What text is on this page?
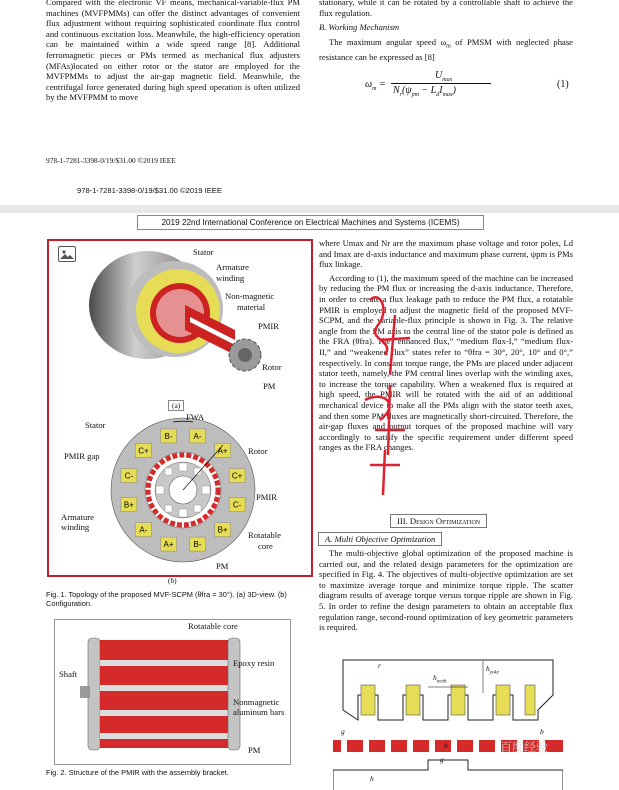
Compared with the electronic VF means, mechanical-variable-flux PM machines (MVFPMMs) can offer the distinct advantages of convenient flux adjustment without requiring sophisticated coordinate flux control and continuous excitation loss. Meanwhile, the high-efficiency operation can be maintained within a wide speed range [8]. Additional ferromagnetic pieces or PMs termed as mechanical flux adjusters (MFAs)located on either rotor or the stator are employed for the MVFPMMs to adjust the air-gap magnetic field. Meanwhile, the centrifugal force generated during high speed operation is often utilized by the MVFPMM to move

stationary, while it can be rotated by a controllable shaft to achieve the flux regulation.

B. Working Mechanism

The maximum angular speed $\omega_m$ of PMSM with neglected phase resistance can be expressed as [8]

$\omega_m$ =
$U_{max}$
$N_r(\psi_{pm} - L_dI_{max})$
(1)
978-1-7281-3398-0/19/$31.00 ©2019 IEEE
978-1-7281-3398-0/19/$31.00 ©2019 IEEE
2019 22nd International Conference on Electrical Machines and Systems (ICEMS)

where Umax and Nr are the maximum phase voltage and rotor poles, Ld and Imax are d-axis inductance and maximum phase current, ψpm is PMs flux linkage.

According to (1), the maximum speed of the machine can be increased by reducing the PM flux or increasing the d-axis inductance. Therefore, in order to create a flux leakage path to reduce the PM flux, a rotatable PMIR is employed to adjust the magnetic field of the proposed MVF-SCPM, and the variable-flux principle is shown in Fig. 3. The relative angle from the PM axis to the central line of the stator pole is defined as the FRA (θfra). The “enhanced flux,” “medium flux-I,” “medium flux-II,” and “weakened flux” states refer to “θfra = 30°, 20°, 10° and 0°,” respectively. In constant torque range, the PMs are placed under adjacent stator teeth, namely, the PM central lines overlap with the winding axes, to increase the torque capability. When a weakened flux is required at high speed, the PMIR will be rotated with the aid of an additional mechanical device to make all the PMs align with the stator teeth axes, and then some PM fluxes are magnetically short-circuited. Therefore, the air-gap fluxes and output torques of the proposed machine will vary accordingly to satisfy the specific requirement under different speed ranges as the FRA changes.

III. Design Optimization
A. Multi Objective Optimization

The multi-objective global optimization of the proposed machine is carried out, and the related design parameters for the optimization are specified in Fig. 4. The objectives of multi-objective optimization are set to maximize average torque and minimize torque ripple. The scatter diagram results of average torque versus torque ripple are shown in Fig. 5. In order to refine the design parameters to obtain an acceptable flux regulation range, second-round optimization of key geometric parameters is required.

Stator
Armature
winding
Non-magnetic
material
PMIR
Rotor
PM
(a)
A-
A+
C+
C-
B+
B-
A+
A-
B+
C-
C+
B-
Stator
FWA
PMIR gap	Rotor
PMIR
Armature
winding
Rotatable
core
PM
(b)
Fig. 1. Topology of the proposed MVF-SCPM (θfra = 30°). (a) 3D-view. (b) Configuration.
Rotatable core
Shaft
Epoxy resin
Nonmagnetic
aluminum bars
PM
Fig. 2. Structure of the PMIR with the assembly bracket.
$h_{teeth}$
$h_{yoke}$
r
g	b
b
g
h
百度经验
